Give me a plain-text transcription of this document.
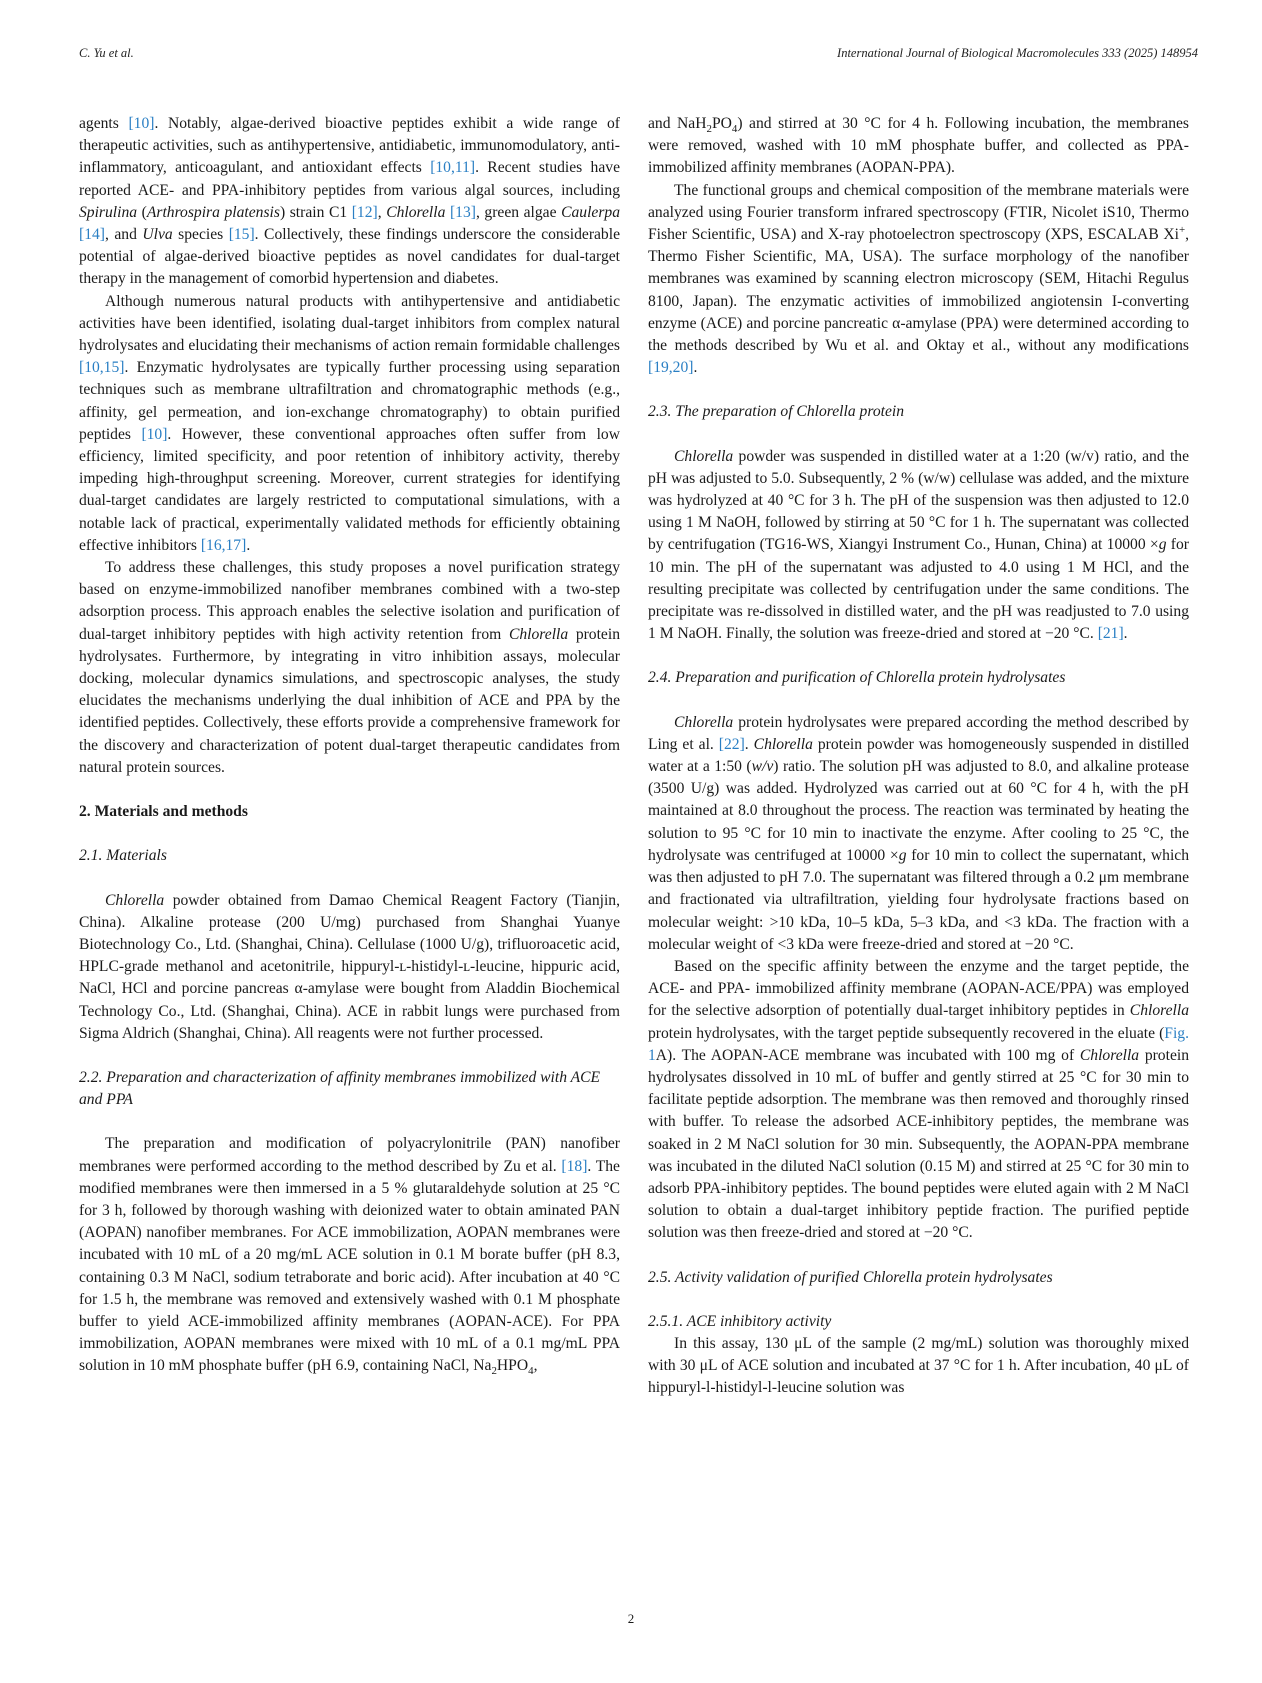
C. Yu et al.	International Journal of Biological Macromolecules 333 (2025) 148954

agents [10]. Notably, algae-derived bioactive peptides exhibit a wide range of therapeutic activities, such as antihypertensive, antidiabetic, immunomodulatory, anti-inflammatory, anticoagulant, and antioxidant effects [10,11]. Recent studies have reported ACE- and PPA-inhibitory peptides from various algal sources, including Spirulina (Arthrospira platensis) strain C1 [12], Chlorella [13], green algae Caulerpa [14], and Ulva species [15]. Collectively, these findings underscore the considerable potential of algae-derived bioactive peptides as novel candidates for dual-target therapy in the management of comorbid hypertension and diabetes.

Although numerous natural products with antihypertensive and antidiabetic activities have been identified, isolating dual-target inhibitors from complex natural hydrolysates and elucidating their mechanisms of action remain formidable challenges [10,15]. Enzymatic hydrolysates are typically further processing using separation techniques such as membrane ultrafiltration and chromatographic methods (e.g., affinity, gel permeation, and ion-exchange chromatography) to obtain purified peptides [10]. However, these conventional approaches often suffer from low efficiency, limited specificity, and poor retention of inhibitory activity, thereby impeding high-throughput screening. Moreover, current strategies for identifying dual-target candidates are largely restricted to computational simulations, with a notable lack of practical, experimentally validated methods for efficiently obtaining effective inhibitors [16,17].

To address these challenges, this study proposes a novel purification strategy based on enzyme-immobilized nanofiber membranes combined with a two-step adsorption process. This approach enables the selective isolation and purification of dual-target inhibitory peptides with high activity retention from Chlorella protein hydrolysates. Furthermore, by integrating in vitro inhibition assays, molecular docking, molecular dynamics simulations, and spectroscopic analyses, the study elucidates the mechanisms underlying the dual inhibition of ACE and PPA by the identified peptides. Collectively, these efforts provide a comprehensive framework for the discovery and characterization of potent dual-target therapeutic candidates from natural protein sources.

2. Materials and methods
2.1. Materials

Chlorella powder obtained from Damao Chemical Reagent Factory (Tianjin, China). Alkaline protease (200 U/mg) purchased from Shanghai Yuanye Biotechnology Co., Ltd. (Shanghai, China). Cellulase (1000 U/g), trifluoroacetic acid, HPLC-grade methanol and acetonitrile, hippuryl-ʟ-histidyl-ʟ-leucine, hippuric acid, NaCl, HCl and porcine pancreas α-amylase were bought from Aladdin Biochemical Technology Co., Ltd. (Shanghai, China). ACE in rabbit lungs were purchased from Sigma Aldrich (Shanghai, China). All reagents were not further processed.

2.2. Preparation and characterization of affinity membranes immobilized with ACE and PPA

The preparation and modification of polyacrylonitrile (PAN) nanofiber membranes were performed according to the method described by Zu et al. [18]. The modified membranes were then immersed in a 5 % glutaraldehyde solution at 25 °C for 3 h, followed by thorough washing with deionized water to obtain aminated PAN (AOPAN) nanofiber membranes. For ACE immobilization, AOPAN membranes were incubated with 10 mL of a 20 mg/mL ACE solution in 0.1 M borate buffer (pH 8.3, containing 0.3 M NaCl, sodium tetraborate and boric acid). After incubation at 40 °C for 1.5 h, the membrane was removed and extensively washed with 0.1 M phosphate buffer to yield ACE-immobilized affinity membranes (AOPAN-ACE). For PPA immobilization, AOPAN membranes were mixed with 10 mL of a 0.1 mg/mL PPA solution in 10 mM phosphate buffer (pH 6.9, containing NaCl, $Na_2HPO_4$,

and $NaH_2PO_4$) and stirred at 30 °C for 4 h. Following incubation, the membranes were removed, washed with 10 mM phosphate buffer, and collected as PPA-immobilized affinity membranes (AOPAN-PPA).

The functional groups and chemical composition of the membrane materials were analyzed using Fourier transform infrared spectroscopy (FTIR, Nicolet iS10, Thermo Fisher Scientific, USA) and X-ray photoelectron spectroscopy (XPS, ESCALAB Xi+, Thermo Fisher Scientific, MA, USA). The surface morphology of the nanofiber membranes was examined by scanning electron microscopy (SEM, Hitachi Regulus 8100, Japan). The enzymatic activities of immobilized angiotensin I-converting enzyme (ACE) and porcine pancreatic α-amylase (PPA) were determined according to the methods described by Wu et al. and Oktay et al., without any modifications [19,20].

2.3. The preparation of Chlorella protein

Chlorella powder was suspended in distilled water at a 1:20 (w/v) ratio, and the pH was adjusted to 5.0. Subsequently, 2 % (w/w) cellulase was added, and the mixture was hydrolyzed at 40 °C for 3 h. The pH of the suspension was then adjusted to 12.0 using 1 M NaOH, followed by stirring at 50 °C for 1 h. The supernatant was collected by centrifugation (TG16-WS, Xiangyi Instrument Co., Hunan, China) at 10000 ×g for 10 min. The pH of the supernatant was adjusted to 4.0 using 1 M HCl, and the resulting precipitate was collected by centrifugation under the same conditions. The precipitate was re-dissolved in distilled water, and the pH was readjusted to 7.0 using 1 M NaOH. Finally, the solution was freeze-dried and stored at −20 °C. [21].

2.4. Preparation and purification of Chlorella protein hydrolysates

Chlorella protein hydrolysates were prepared according the method described by Ling et al. [22]. Chlorella protein powder was homogeneously suspended in distilled water at a 1:50 (w/v) ratio. The solution pH was adjusted to 8.0, and alkaline protease (3500 U/g) was added. Hydrolyzed was carried out at 60 °C for 4 h, with the pH maintained at 8.0 throughout the process. The reaction was terminated by heating the solution to 95 °C for 10 min to inactivate the enzyme. After cooling to 25 °C, the hydrolysate was centrifuged at 10000 ×g for 10 min to collect the supernatant, which was then adjusted to pH 7.0. The supernatant was filtered through a 0.2 μm membrane and fractionated via ultrafiltration, yielding four hydrolysate fractions based on molecular weight: >10 kDa, 10–5 kDa, 5–3 kDa, and <3 kDa. The fraction with a molecular weight of <3 kDa were freeze-dried and stored at −20 °C.

Based on the specific affinity between the enzyme and the target peptide, the ACE- and PPA- immobilized affinity membrane (AOPAN-ACE/PPA) was employed for the selective adsorption of potentially dual-target inhibitory peptides in Chlorella protein hydrolysates, with the target peptide subsequently recovered in the eluate (Fig. 1A). The AOPAN-ACE membrane was incubated with 100 mg of Chlorella protein hydrolysates dissolved in 10 mL of buffer and gently stirred at 25 °C for 30 min to facilitate peptide adsorption. The membrane was then removed and thoroughly rinsed with buffer. To release the adsorbed ACE-inhibitory peptides, the membrane was soaked in 2 M NaCl solution for 30 min. Subsequently, the AOPAN-PPA membrane was incubated in the diluted NaCl solution (0.15 M) and stirred at 25 °C for 30 min to adsorb PPA-inhibitory peptides. The bound peptides were eluted again with 2 M NaCl solution to obtain a dual-target inhibitory peptide fraction. The purified peptide solution was then freeze-dried and stored at −20 °C.

2.5. Activity validation of purified Chlorella protein hydrolysates
2.5.1. ACE inhibitory activity

In this assay, 130 μL of the sample (2 mg/mL) solution was thoroughly mixed with 30 μL of ACE solution and incubated at 37 °C for 1 h. After incubation, 40 μL of hippuryl-l-histidyl-l-leucine solution was

2
